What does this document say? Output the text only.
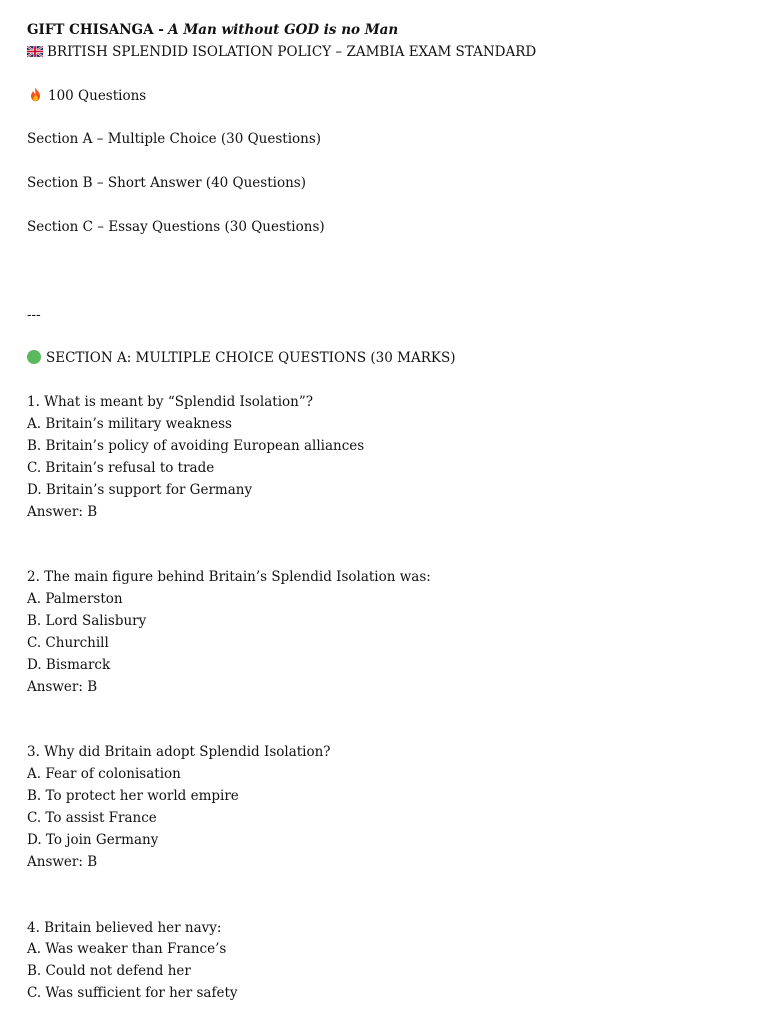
GIFT CHISANGA - A Man without GOD is no Man
BRITISH SPLENDID ISOLATION POLICY – ZAMBIA EXAM STANDARD
100 Questions
Section A – Multiple Choice (30 Questions)
Section B – Short Answer (40 Questions)
Section C – Essay Questions (30 Questions)
---
SECTION A: MULTIPLE CHOICE QUESTIONS (30 MARKS)
1. What is meant by “Splendid Isolation”?
A. Britain’s military weakness
B. Britain’s policy of avoiding European alliances
C. Britain’s refusal to trade
D. Britain’s support for Germany
Answer: B
2. The main figure behind Britain’s Splendid Isolation was:
A. Palmerston
B. Lord Salisbury
C. Churchill
D. Bismarck
Answer: B
3. Why did Britain adopt Splendid Isolation?
A. Fear of colonisation
B. To protect her world empire
C. To assist France
D. To join Germany
Answer: B
4. Britain believed her navy:
A. Was weaker than France’s
B. Could not defend her
C. Was sufficient for her safety
